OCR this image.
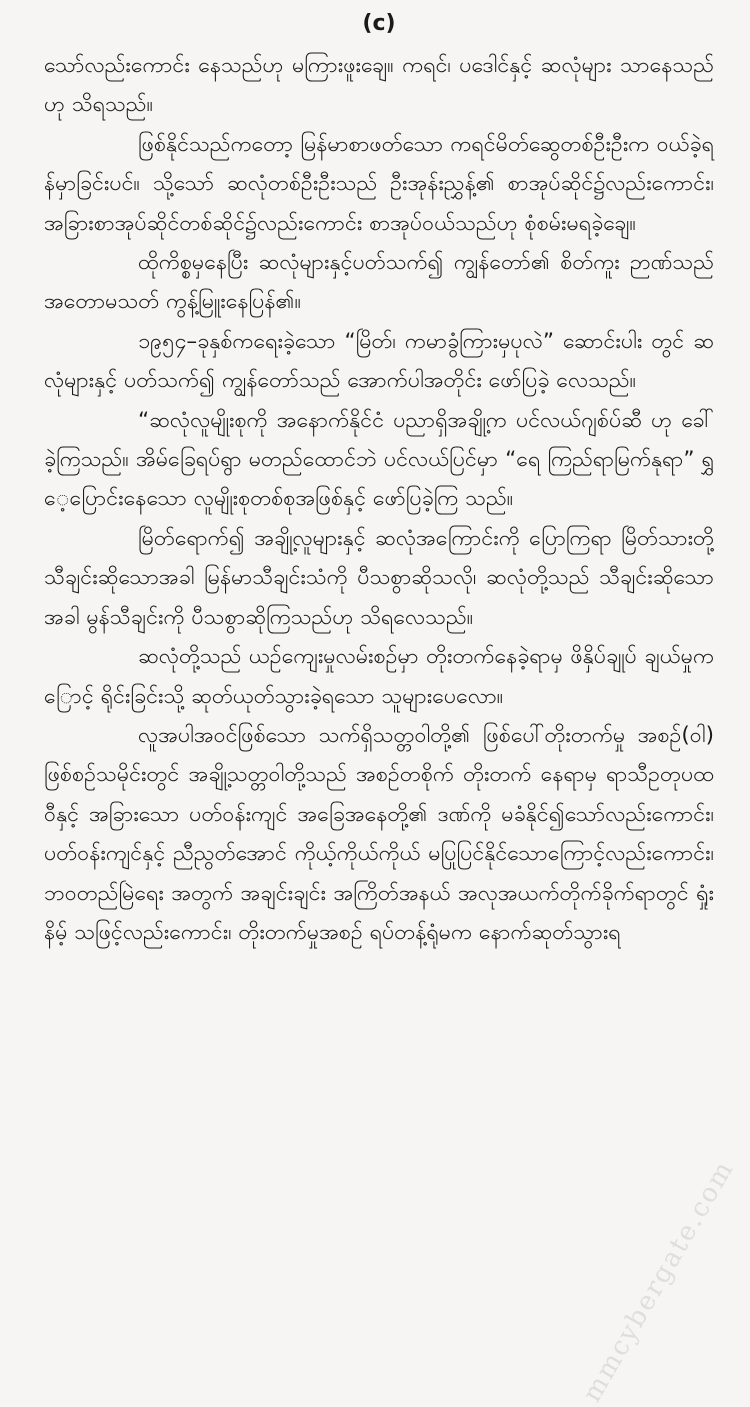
(c)

သော်လည်းကောင်း နေသည်ဟု မကြားဖူးချေ။ ကရင်၊ ပဒေါင်နှင့် ဆလုံများ သာနေသည်ဟု သိရသည်။

ဖြစ်နိုင်သည်ကတော့ မြန်မာစာဖတ်သော ကရင်မိတ်ဆွေတစ်ဦးဦးက ဝယ်ခဲ့ရန်မှာခြင်းပင်။ သို့သော် ဆလုံတစ်ဦးဦးသည် ဦးအုန်းညွှန့်၏ စာအုပ်ဆိုင်၌လည်းကောင်း၊ အခြားစာအုပ်ဆိုင်တစ်ဆိုင်၌လည်းကောင်း စာအုပ်ဝယ်သည်ဟု စုံစမ်းမရခဲ့ချေ။

ထိုကိစ္စမှနေပြီး ဆလုံများနှင့်ပတ်သက်၍ ကျွန်တော်၏ စိတ်ကူး ဉာဏ်သည် အတောမသတ် ကွန့်မြူးနေပြန်၏။

၁၉၅၄–ခုနှစ်ကရေးခဲ့သော “မြိတ်၊ ကမာခွံကြားမှပုလဲ” ဆောင်းပါး တွင် ဆလုံများနှင့် ပတ်သက်၍ ကျွန်တော်သည် အောက်ပါအတိုင်း ဖော်ပြခဲ့ လေသည်။

“ဆလုံလူမျိုးစုကို အနောက်နိုင်ငံ ပညာရှိအချို့က ပင်လယ်ဂျစ်ပ်ဆီ ဟု ခေါ်ခဲ့ကြသည်။ အိမ်ခြေရပ်ရွာ မတည်ထောင်ဘဲ ပင်လယ်ပြင်မှာ “ရေ ကြည်ရာမြက်နုရာ” ရွှေ့ပြောင်းနေသော လူမျိုးစုတစ်စုအဖြစ်နှင့် ဖော်ပြခဲ့ကြ သည်။

မြိတ်ရောက်၍ အချို့လူများနှင့် ဆလုံအကြောင်းကို ပြောကြရာ မြိတ်သားတို့ သီချင်းဆိုသောအခါ မြန်မာသီချင်းသံကို ပီသစွာဆိုသလို၊ ဆလုံတို့သည် သီချင်းဆိုသောအခါ မွန်သီချင်းကို ပီသစွာဆိုကြသည်ဟု သိရလေသည်။

ဆလုံတို့သည် ယဉ်ကျေးမှုလမ်းစဉ်မှာ တိုးတက်နေခဲ့ရာမှ ဖိနှိပ်ချုပ် ချယ်မှုကြောင့် ရိုင်းခြင်းသို့ ဆုတ်ယုတ်သွားခဲ့ရသော သူများပေလော။

လူအပါအဝင်ဖြစ်သော သက်ရှိသတ္တဝါတို့၏ ဖြစ်ပေါ်တိုးတက်မှု အစဉ်(၀ါ) ဖြစ်စဉ်သမိုင်းတွင် အချို့သတ္တဝါတို့သည် အစဉ်တစိုက် တိုးတက် နေရာမှ ရာသီဥတုပထဝီနှင့် အခြားသော ပတ်ဝန်းကျင် အခြေအနေတို့၏ ဒဏ်ကို မခံနိုင်၍သော်လည်းကောင်း၊ ပတ်ဝန်းကျင်နှင့် ညီညွတ်အောင် ကိုယ့်ကိုယ်ကိုယ် မပြုပြင်နိုင်သောကြောင့်လည်းကောင်း၊ ဘဝတည်မြဲရေး အတွက် အချင်းချင်း အကြိတ်အနယ် အလုအယက်တိုက်ခိုက်ရာတွင် ရှုံးနိမ့် သဖြင့်လည်းကောင်း၊ တိုးတက်မှုအစဉ် ရပ်တန့်ရုံမက နောက်ဆုတ်သွားရ

mmcybergate.com
